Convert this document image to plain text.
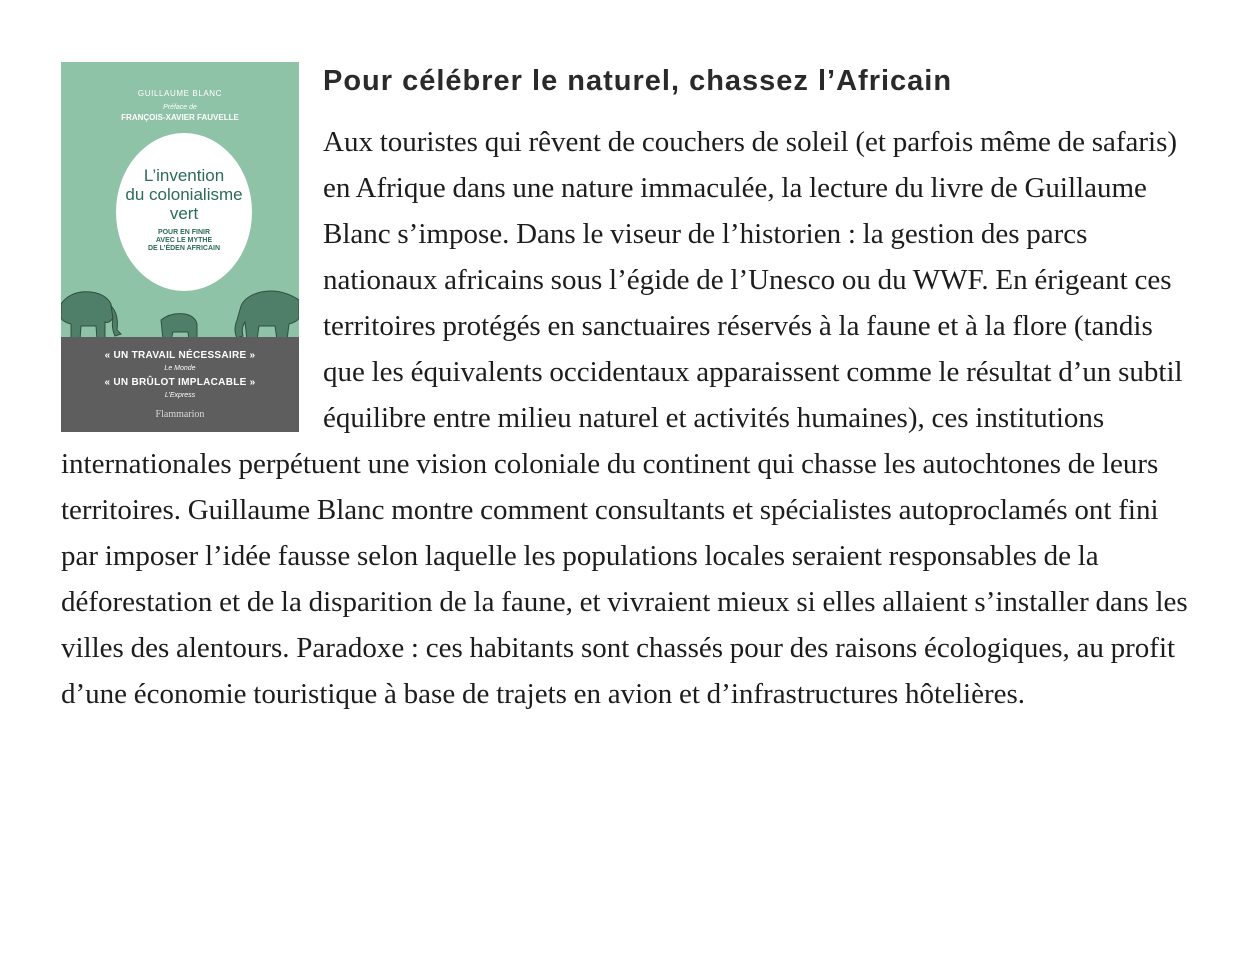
GUILLAUME BLANC
Préface de
FRANÇOIS-XAVIER FAUVELLE
L’invention
du colonialisme
vert
POUR EN FINIR
AVEC LE MYTHE
DE L’ÉDEN AFRICAIN
« UN TRAVAIL NÉCESSAIRE »
Le Monde
« UN BRÛLOT IMPLACABLE »
L’Express
Flammarion
Pour célébrer le naturel, chassez l’Africain

Aux touristes qui rêvent de couchers de soleil (et parfois même de safaris) en Afrique dans une nature immaculée, la lecture du livre de Guillaume Blanc s’impose. Dans le viseur de l’historien : la gestion des parcs nationaux africains sous l’égide de l’Unesco ou du WWF. En érigeant ces territoires protégés en sanctuaires réservés à la faune et à la flore (tandis que les équivalents occidentaux apparaissent comme le résultat d’un subtil équilibre entre milieu naturel et activités humaines), ces institutions internationales perpétuent une vision coloniale du continent qui chasse les autochtones de leurs territoires. Guillaume Blanc montre comment consultants et spécialistes autoproclamés ont fini par imposer l’idée fausse selon laquelle les populations locales seraient responsables de la déforestation et de la disparition de la faune, et vivraient mieux si elles allaient s’installer dans les villes des alentours. Paradoxe : ces habitants sont chassés pour des raisons écologiques, au profit d’une économie touristique à base de trajets en avion et d’infrastructures hôtelières.
